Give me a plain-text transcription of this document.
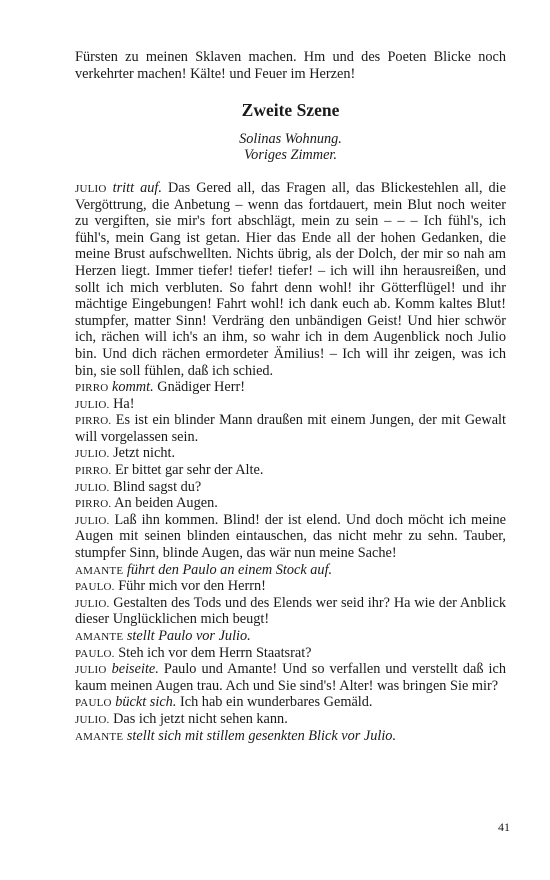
Fürsten zu meinen Sklaven machen. Hm und des Poeten Blicke noch verkehrter machen! Kälte! und Feuer im Herzen!

Zweite Szene

Solinas Wohnung.

Voriges Zimmer.

JULIO tritt auf. Das Gered all, das Fragen all, das Blickestehlen all, die Vergöttrung, die Anbetung – wenn das fortdauert, mein Blut noch weiter zu vergiften, sie mir's fort abschlägt, mein zu sein – – – Ich fühl's, ich fühl's, mein Gang ist getan. Hier das Ende all der hohen Gedanken, die meine Brust aufschwellten. Nichts übrig, als der Dolch, der mir so nah am Herzen liegt. Immer tiefer! tiefer! tiefer! – ich will ihn herausreißen, und sollt ich mich verbluten. So fahrt denn wohl! ihr Götterflügel! und ihr mächtige Eingebungen! Fahrt wohl! ich dank euch ab. Komm kaltes Blut! stumpfer, matter Sinn! Verdräng den unbändigen Geist! Und hier schwör ich, rächen will ich's an ihm, so wahr ich in dem Augenblick noch Julio bin. Und dich rächen ermordeter Ämilius! – Ich will ihr zeigen, was ich bin, sie soll fühlen, daß ich schied.

PIRRO kommt. Gnädiger Herr!

JULIO. Ha!

PIRRO. Es ist ein blinder Mann draußen mit einem Jungen, der mit Gewalt will vorgelassen sein.

JULIO. Jetzt nicht.

PIRRO. Er bittet gar sehr der Alte.

JULIO. Blind sagst du?

PIRRO. An beiden Augen.

JULIO. Laß ihn kommen. Blind! der ist elend. Und doch möcht ich meine Augen mit seinen blinden eintauschen, das nicht mehr zu sehn. Tauber, stumpfer Sinn, blinde Augen, das wär nun meine Sache!

AMANTE führt den Paulo an einem Stock auf.

PAULO. Führ mich vor den Herrn!

JULIO. Gestalten des Tods und des Elends wer seid ihr? Ha wie der Anblick dieser Unglücklichen mich beugt!

AMANTE stellt Paulo vor Julio.

PAULO. Steh ich vor dem Herrn Staatsrat?

JULIO beiseite. Paulo und Amante! Und so verfallen und verstellt daß ich kaum meinen Augen trau. Ach und Sie sind's! Alter! was bringen Sie mir?

PAULO bückt sich. Ich hab ein wunderbares Gemäld.

JULIO. Das ich jetzt nicht sehen kann.

AMANTE stellt sich mit stillem gesenkten Blick vor Julio.

41
